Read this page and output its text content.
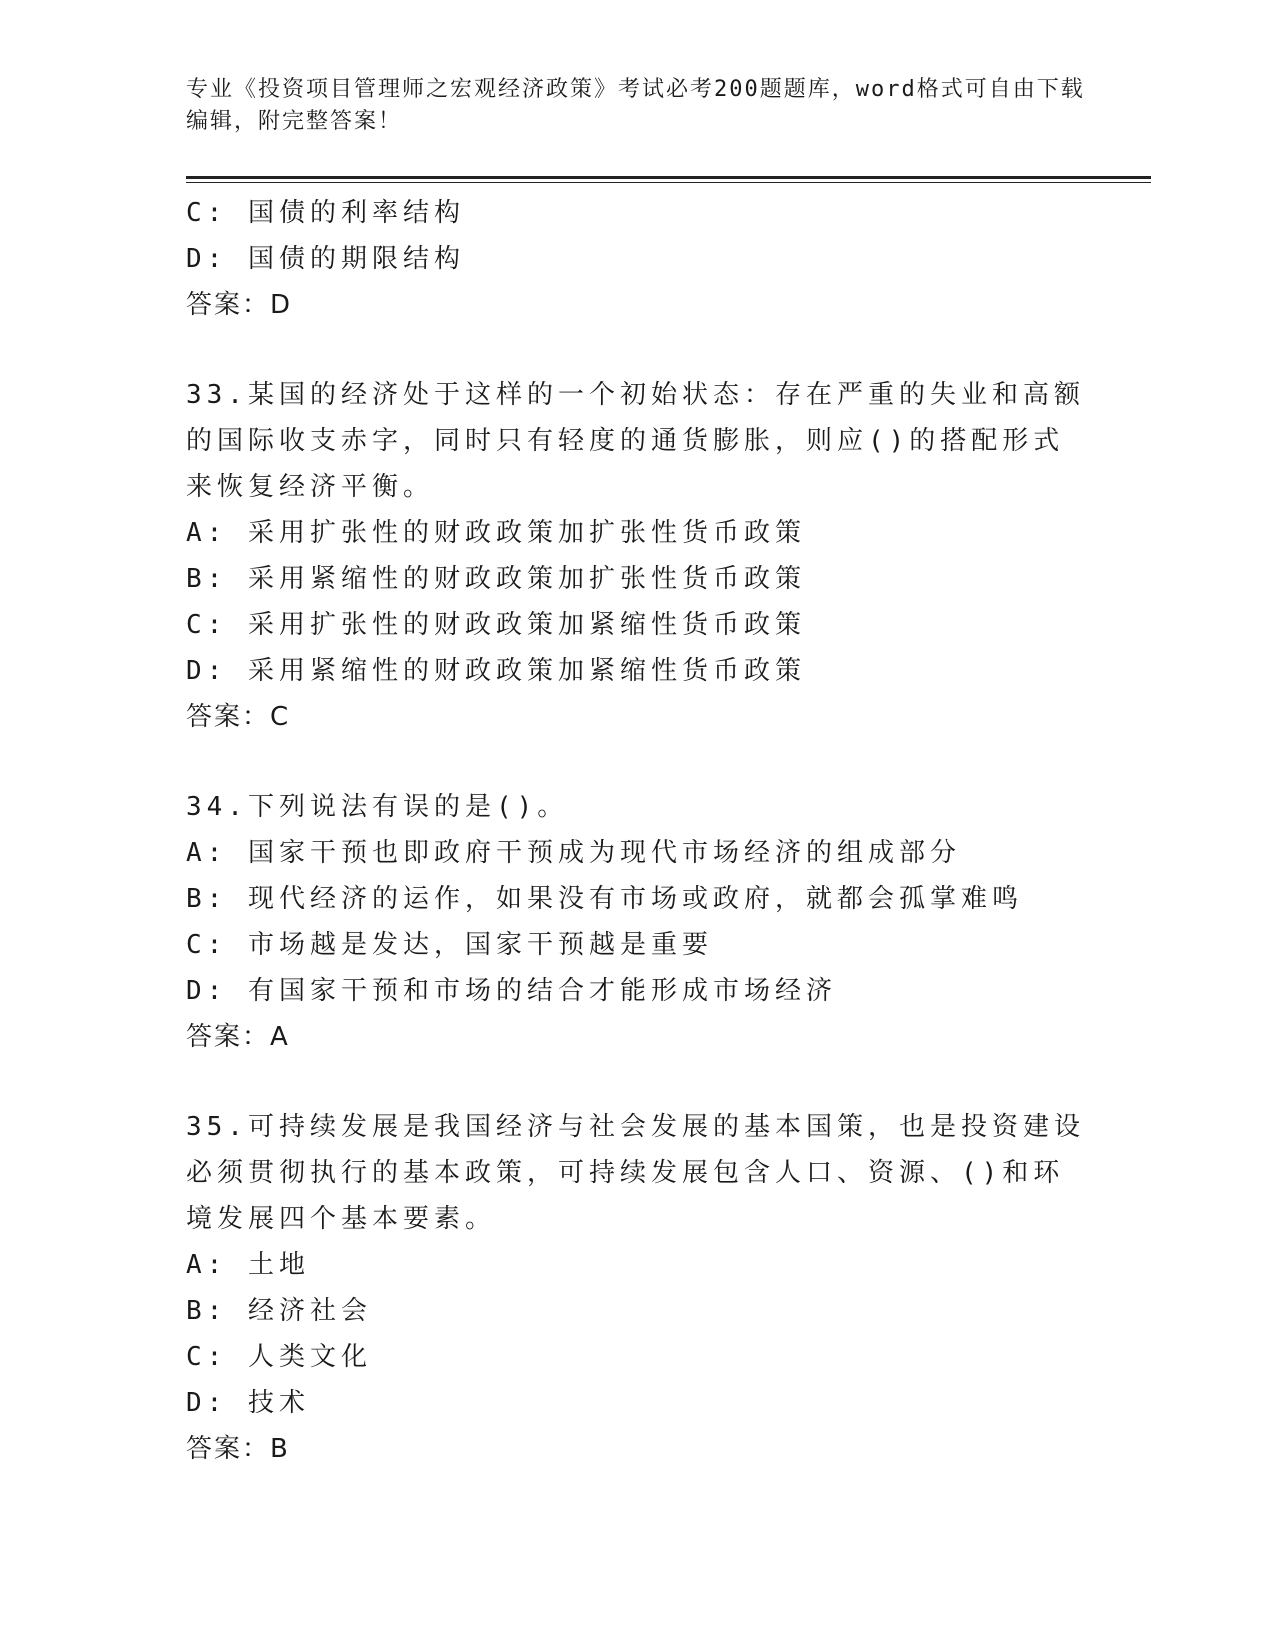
专业《投资项目管理师之宏观经济政策》考试必考200题题库，word格式可自由下载编辑，附完整答案！
C: 国债的利率结构
D: 国债的期限结构
答案：D
33.某国的经济处于这样的一个初始状态：存在严重的失业和高额的国际收支赤字，同时只有轻度的通货膨胀，则应()的搭配形式来恢复经济平衡。
A: 采用扩张性的财政政策加扩张性货币政策
B: 采用紧缩性的财政政策加扩张性货币政策
C: 采用扩张性的财政政策加紧缩性货币政策
D: 采用紧缩性的财政政策加紧缩性货币政策
答案：C
34.下列说法有误的是()。
A: 国家干预也即政府干预成为现代市场经济的组成部分
B: 现代经济的运作，如果没有市场或政府，就都会孤掌难鸣
C: 市场越是发达，国家干预越是重要
D: 有国家干预和市场的结合才能形成市场经济
答案：A
35.可持续发展是我国经济与社会发展的基本国策，也是投资建设必须贯彻执行的基本政策，可持续发展包含人口、资源、()和环境发展四个基本要素。
A: 土地
B: 经济社会
C: 人类文化
D: 技术
答案：B
